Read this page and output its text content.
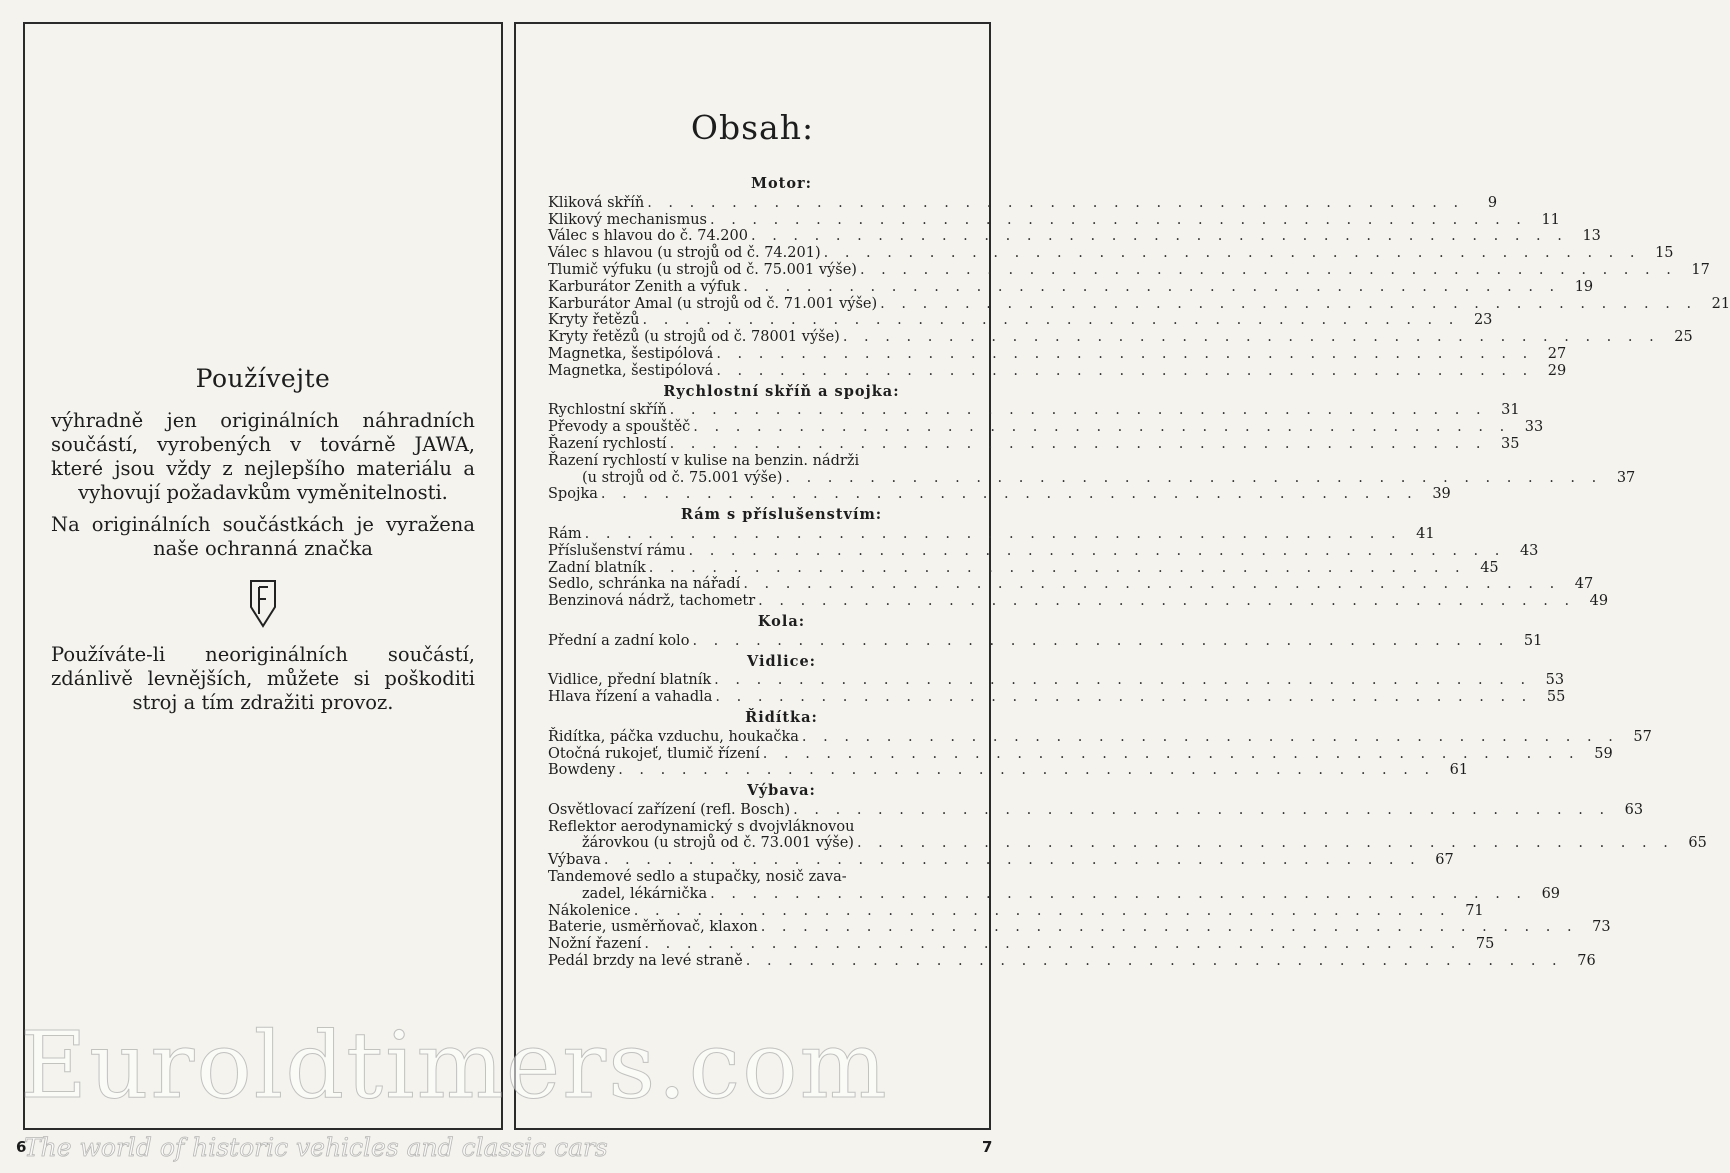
Používejte

výhradně jen originálních náhradních součástí, vyrobených v továrně JAWA, které jsou vždy z nejlepšího materiálu a vyhovují požadavkům vyměnitelnosti.

Na originálních součástkách je vyražena naše ochranná značka

Používáte-li neoriginálních součástí, zdánlivě levnějších, můžete si poškoditi stroj a tím zdražiti provoz.

Obsah:
Motor:
Kliková skříň . . .	9
Klikový mechanismus . . .	11
Válec s hlavou do č. 74.200 . . .	13
Válec s hlavou (u strojů od č. 74.201) . . .	15
Tlumič výfuku (u strojů od č. 75.001 výše) . . .	17
Karburátor Zenith a výfuk . . .	19
Karburátor Amal (u strojů od č. 71.001 výše) . . .	21
Kryty řetězů . . .	23
Kryty řetězů (u strojů od č. 78001 výše) . . .	25
Magnetka, šestipólová . . .	27
Magnetka, šestipólová . . .	29
Rychlostní skříň a spojka:
Rychlostní skříň . . .	31
Převody a spouštěč . . .	33
Řazení rychlostí . . .	35
Řazení rychlostí v kulise na benzin. nádrži
(u strojů od č. 75.001 výše) . . .	37
Spojka . . .	39
Rám s příslušenstvím:
Rám . . .	41
Příslušenství rámu . . .	43
Zadní blatník . . .	45
Sedlo, schránka na nářadí . . .	47
Benzinová nádrž, tachometr . . .	49
Kola:
Přední a zadní kolo . . .	51
Vidlice:
Vidlice, přední blatník . . .	53
Hlava řízení a vahadla . . .	55
Řidítka:
Řidítka, páčka vzduchu, houkačka . . .	57
Otočná rukojeť, tlumič řízení . . .	59
Bowdeny . . .	61
Výbava:
Osvětlovací zařízení (refl. Bosch) . . .	63
Reflektor aerodynamický s dvojvláknovou
žárovkou (u strojů od č. 73.001 výše) . . .	65
Výbava . . .	67
Tandemové sedlo a stupačky, nosič zava-
zadel, lékárnička . . .	69
Nákolenice . . .	71
Baterie, usměrňovač, klaxon . . .	73
Nožní řazení . . .	75
Pedál brzdy na levé straně . . .	76
6	7
Euroldtimers.com
The world of historic vehicles and classic cars
